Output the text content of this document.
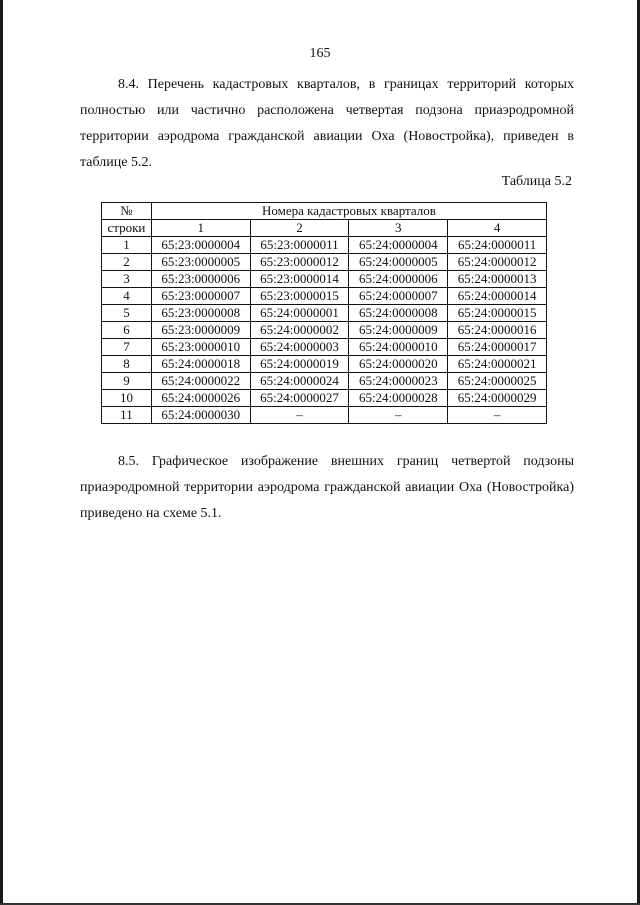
165

8.4. Перечень кадастровых кварталов, в границах территорий которых

полностью или частично расположена четвертая подзона приаэродромной

территории аэродрома гражданской авиации Оха (Новостройка), приведен в

таблице 5.2.

Таблица 5.2
№	Номера кадастровых кварталов			
строки	1	2	3	4
1	65:23:0000004	65:23:0000011	65:24:0000004	65:24:0000011
2	65:23:0000005	65:23:0000012	65:24:0000005	65:24:0000012
3	65:23:0000006	65:23:0000014	65:24:0000006	65:24:0000013
4	65:23:0000007	65:23:0000015	65:24:0000007	65:24:0000014
5	65:23:0000008	65:24:0000001	65:24:0000008	65:24:0000015
6	65:23:0000009	65:24:0000002	65:24:0000009	65:24:0000016
7	65:23:0000010	65:24:0000003	65:24:0000010	65:24:0000017
8	65:24:0000018	65:24:0000019	65:24:0000020	65:24:0000021
9	65:24:0000022	65:24:0000024	65:24:0000023	65:24:0000025
10	65:24:0000026	65:24:0000027	65:24:0000028	65:24:0000029
11	65:24:0000030	–	–	–

8.5. Графическое изображение внешних границ четвертой подзоны

приаэродромной территории аэродрома гражданской авиации Оха (Новостройка)

приведено на схеме 5.1.
